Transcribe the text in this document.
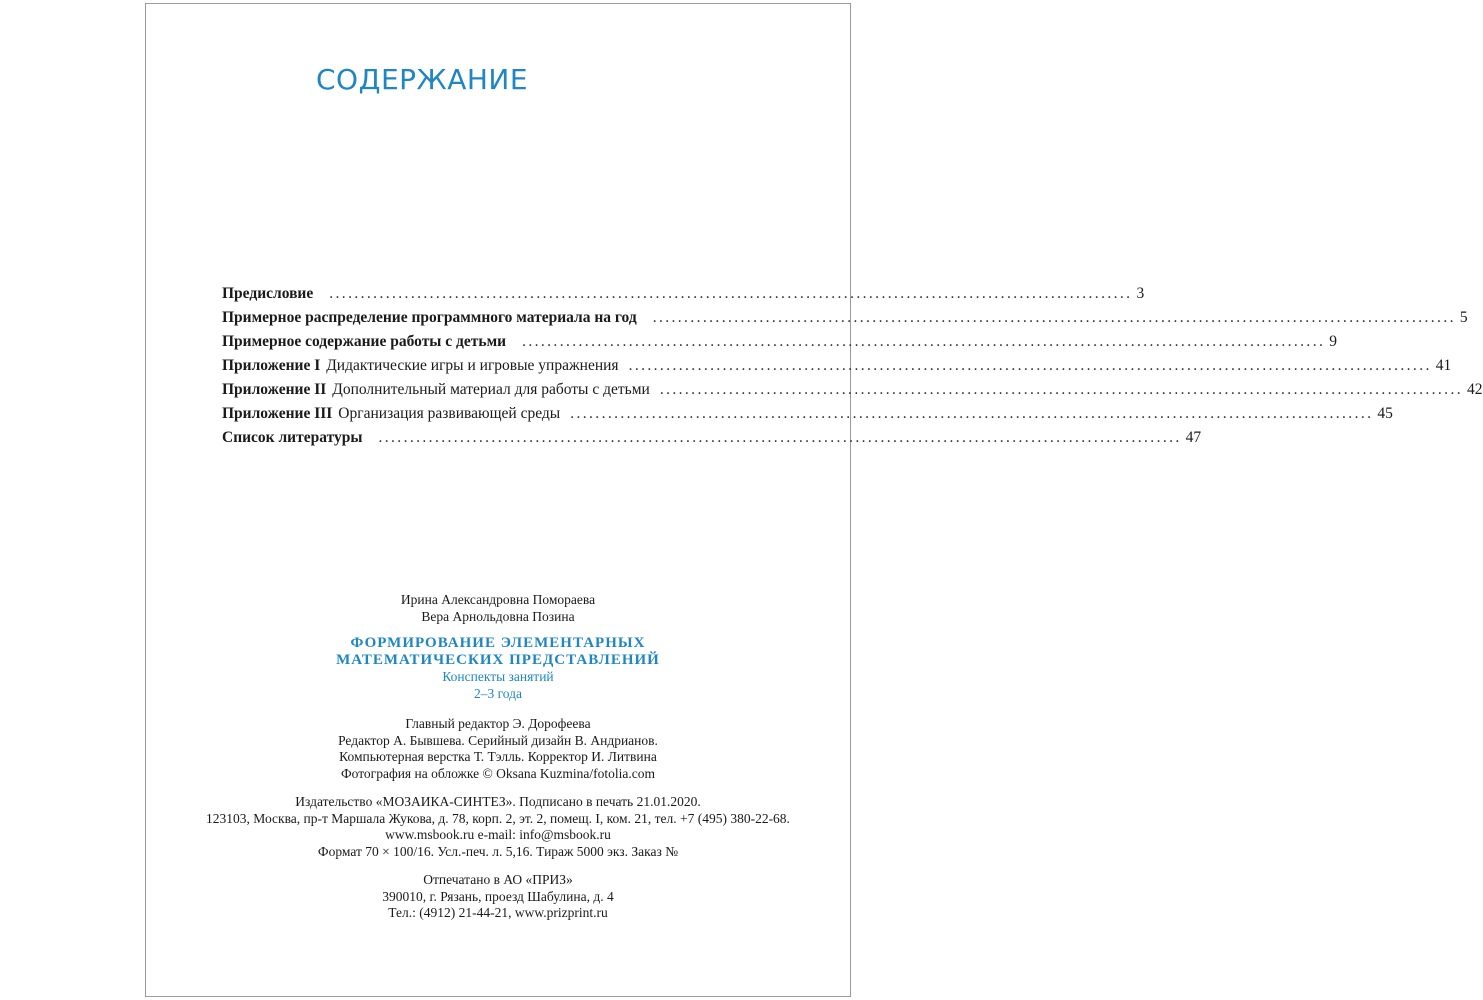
СОДЕРЖАНИЕ
Предисловие	................................................................................................................................ 3
Примерное распределение программного материала на год	................................................................................................................................ 5
Примерное содержание работы с детьми	................................................................................................................................ 9
Приложение I Дидактические игры и игровые упражнения ................................................................................................................................ 41
Приложение II Дополнительный материал для работы с детьми ................................................................................................................................ 42
Приложение III Организация развивающей среды ................................................................................................................................ 45
Список литературы	................................................................................................................................ 47
Ирина Александровна Помораева
Вера Арнольдовна Позина
ФОРМИРОВАНИЕ ЭЛЕМЕНТАРНЫХ
МАТЕМАТИЧЕСКИХ ПРЕДСТАВЛЕНИЙ
Конспекты занятий
2–3 года
Главный редактор Э. Дорофеева
Редактор А. Бывшева. Серийный дизайн В. Андрианов.
Компьютерная верстка Т. Тэлль. Корректор И. Литвина
Фотография на обложке © Oksana Kuzmina/fotolia.com
Издательство «МОЗАИКА-СИНТЕЗ». Подписано в печать 21.01.2020.
123103, Москва, пр-т Маршала Жукова, д. 78, корп. 2, эт. 2, помещ. I, ком. 21, тел. +7 (495) 380-22-68.
www.msbook.ru e-mail: info@msbook.ru
Формат 70 × 100/16. Усл.-печ. л. 5,16. Тираж 5000 экз. Заказ №
Отпечатано в АО «ПРИЗ»
390010, г. Рязань, проезд Шабулина, д. 4
Тел.: (4912) 21-44-21, www.prizprint.ru
